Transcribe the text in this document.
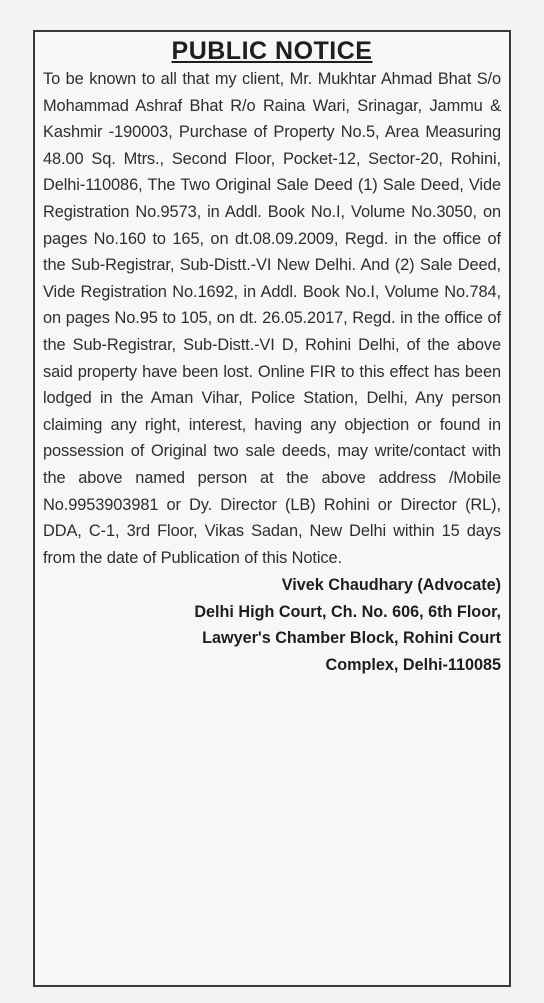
PUBLIC NOTICE

To be known to all that my client, Mr. Mukhtar Ahmad Bhat S/o Mohammad Ashraf Bhat R/o Raina Wari, Srinagar, Jammu & Kashmir -190003, Purchase of Property No.5, Area Measuring 48.00 Sq. Mtrs., Second Floor, Pocket-12, Sector-20, Rohini, Delhi-110086, The Two Original Sale Deed (1) Sale Deed, Vide Registration No.9573, in Addl. Book No.I, Volume No.3050, on pages No.160 to 165, on dt.08.09.2009, Regd. in the office of the Sub-Registrar, Sub-Distt.-VI New Delhi. And (2) Sale Deed, Vide Registration No.1692, in Addl. Book No.I, Volume No.784, on pages No.95 to 105, on dt. 26.05.2017, Regd. in the office of the Sub-Registrar, Sub-Distt.-VI D, Rohini Delhi, of the above said property have been lost. Online FIR to this effect has been lodged in the Aman Vihar, Police Station, Delhi, Any person claiming any right, interest, having any objection or found in possession of Original two sale deeds, may write/contact with the above named person at the above address /Mobile No.9953903981 or Dy. Director (LB) Rohini or Director (RL), DDA, C-1, 3rd Floor, Vikas Sadan, New Delhi within 15 days from the date of Publication of this Notice.

Vivek Chaudhary (Advocate)
Delhi High Court, Ch. No. 606, 6th Floor,
Lawyer's Chamber Block, Rohini Court
Complex, Delhi-110085
